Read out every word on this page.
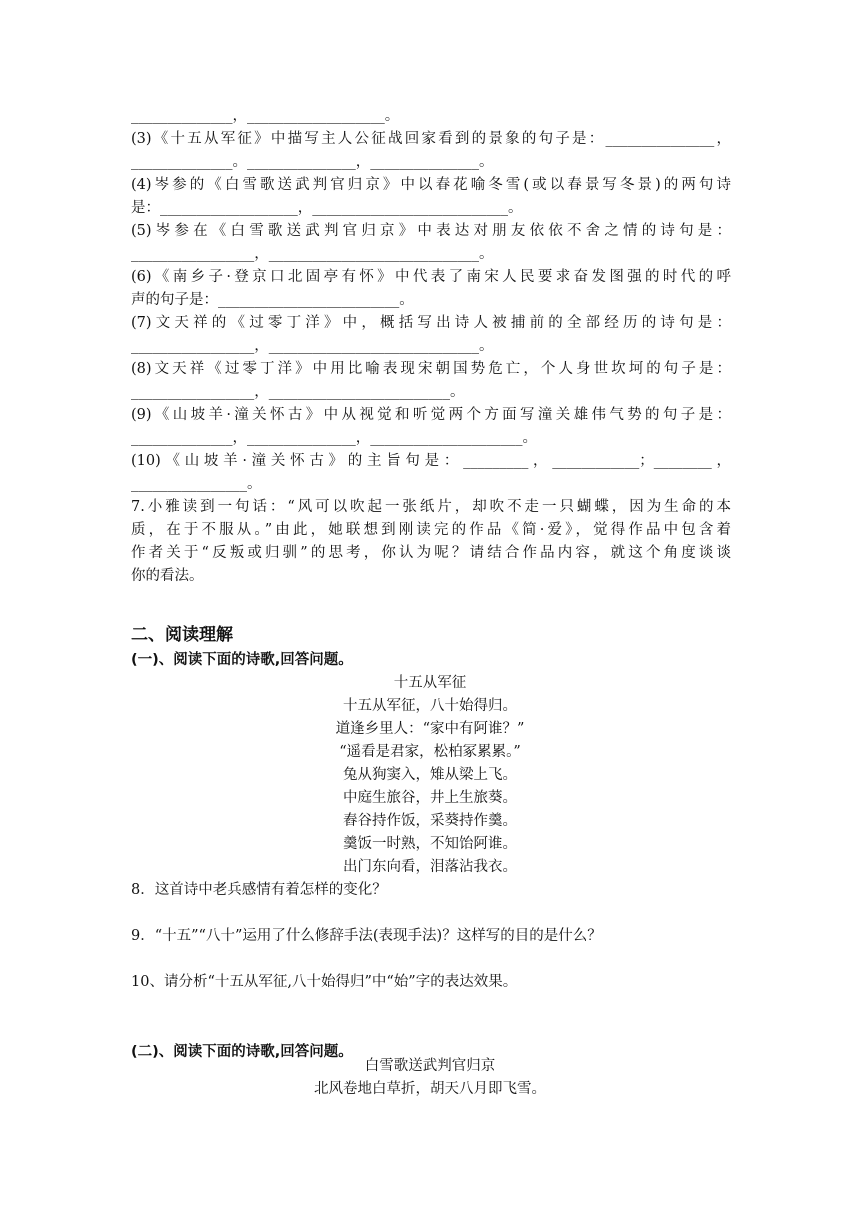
______________，___________________。
(3)《十五从军征》中描写主人公征战回家看到的景象的句子是：_______________，
______________。_______________，_______________。
(4)岑参的《白雪歌送武判官归京》中以春花喻冬雪(或以春景写冬景)的两句诗
是：___________________，___________________________。
(5)岑参在《白雪歌送武判官归京》中表达对朋友依依不舍之情的诗句是：
_________________，_____________________________。
(6)《南乡子·登京口北固亭有怀》中代表了南宋人民要求奋发图强的时代的呼
声的句子是：_________________________。
(7)文天祥的《过零丁洋》中，概括写出诗人被捕前的全部经历的诗句是：
_________________，_____________________________。
(8)文天祥《过零丁洋》中用比喻表现宋朝国势危亡，个人身世坎坷的句子是：
_________________，_________________________。
(9)《山坡羊·潼关怀古》中从视觉和听觉两个方面写潼关雄伟气势的句子是：
______________，_______________，_____________________。
(10)《山坡羊·潼关怀古》的主旨句是：_________，____________；________，
________________。
7.小雅读到一句话：“风可以吹起一张纸片，却吹不走一只蝴蝶，因为生命的本
质，在于不服从。”由此，她联想到刚读完的作品《简·爱》，觉得作品中包含着
作者关于“反叛或归驯”的思考，你认为呢？请结合作品内容，就这个角度谈谈
你的看法。
二、阅读理解
(一)、阅读下面的诗歌,回答问题。
十五从军征
十五从军征，八十始得归。
道逢乡里人：“家中有阿谁？”
“遥看是君家，松柏冢累累。”
兔从狗窦入，雉从梁上飞。
中庭生旅谷，井上生旅葵。
舂谷持作饭，采葵持作羹。
羹饭一时熟，不知饴阿谁。
出门东向看，泪落沾我衣。
8．这首诗中老兵感情有着怎样的变化？
9．“十五”“八十”运用了什么修辞手法(表现手法)？这样写的目的是什么？
10、请分析“十五从军征,八十始得归”中“始”字的表达效果。
(二)、阅读下面的诗歌,回答问题。
白雪歌送武判官归京
北风卷地白草折，胡天八月即飞雪。
